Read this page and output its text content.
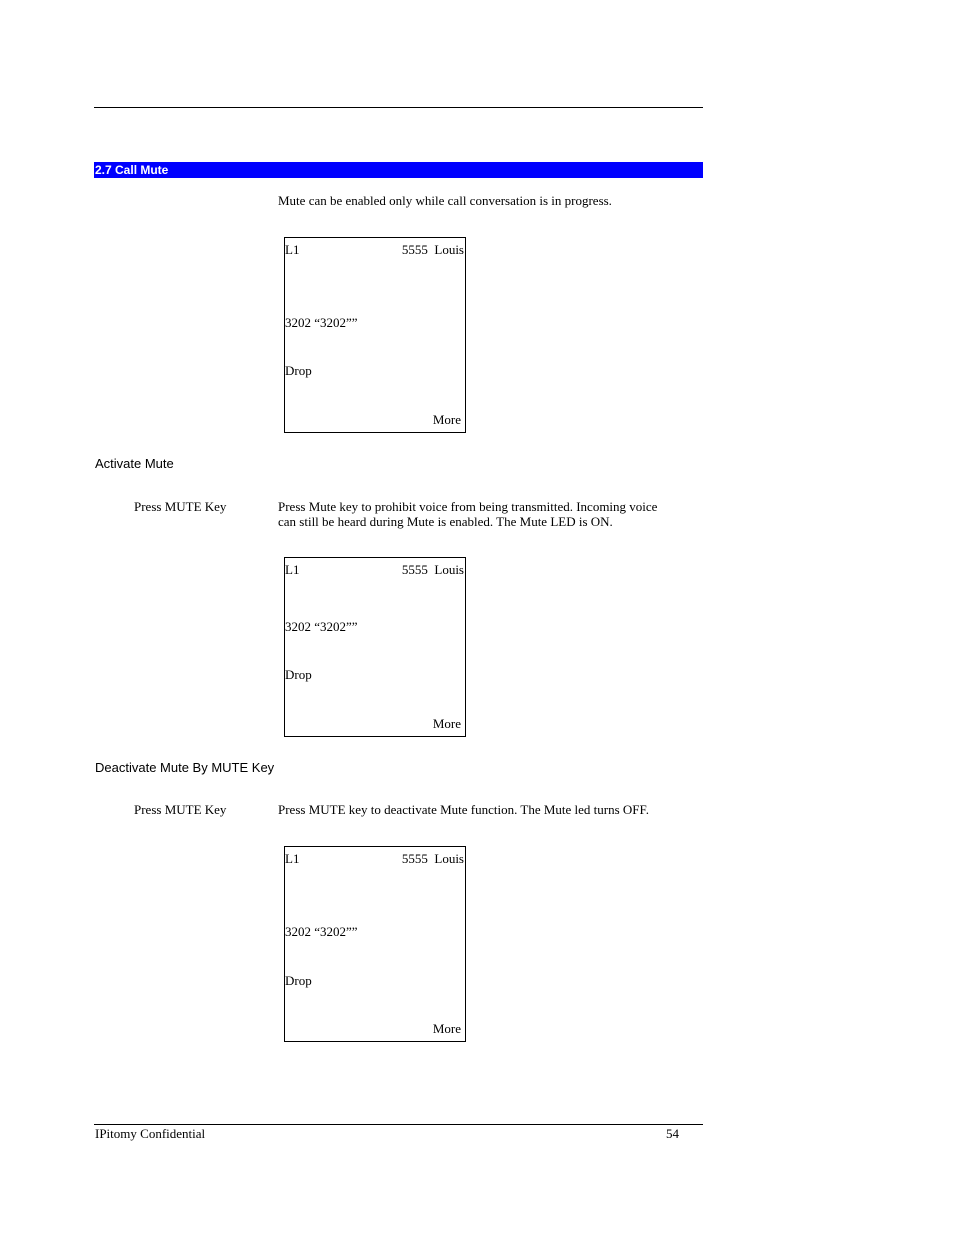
2.7 Call Mute
Mute can be enabled only while call conversation is in progress.
L1	5555  Louis
3202 “3202””
Drop
More
Activate Mute
Press MUTE Key	Press Mute key to prohibit voice from being transmitted. Incoming voice
can still be heard during Mute is enabled. The Mute LED is ON.
L1	5555  Louis
3202 “3202””
Drop
More
Deactivate Mute By MUTE Key
Press MUTE Key	Press MUTE key to deactivate Mute function. The Mute led turns OFF.
L1	5555  Louis
3202 “3202””
Drop
More
IPitomy Confidential	54
